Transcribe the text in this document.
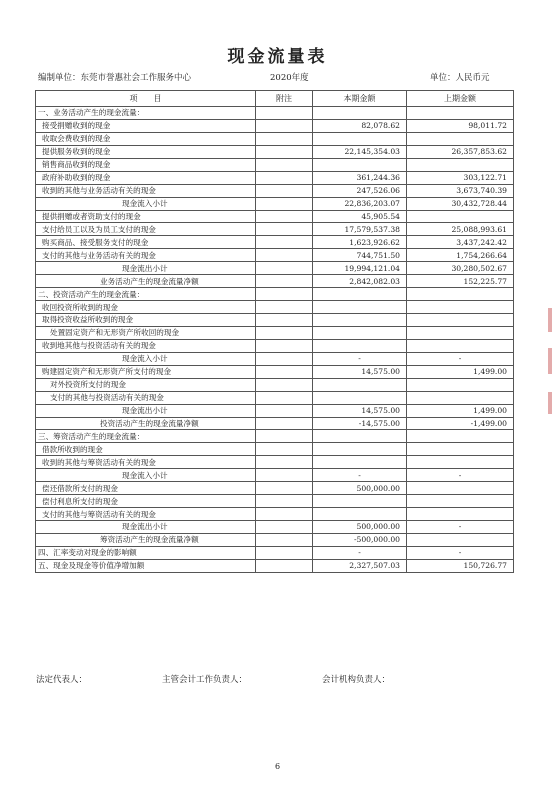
现金流量表
编制单位：东莞市誉惠社会工作服务中心	2020年度	单位：人民币元
项　　目	附注	本期金额	上期金额
一、业务活动产生的现金流量：			
接受捐赠收到的现金		82,078.62	98,011.72
收取会费收到的现金			
提供服务收到的现金		22,145,354.03	26,357,853.62
销售商品收到的现金			
政府补助收到的现金		361,244.36	303,122.71
收到的其他与业务活动有关的现金		247,526.06	3,673,740.39
现金流入小计		22,836,203.07	30,432,728.44
提供捐赠或者资助支付的现金		45,905.54	
支付给员工以及为员工支付的现金		17,579,537.38	25,088,993.61
购买商品、接受服务支付的现金		1,623,926.62	3,437,242.42
支付的其他与业务活动有关的现金		744,751.50	1,754,266.64
现金流出小计		19,994,121.04	30,280,502.67
业务活动产生的现金流量净额		2,842,082.03	152,225.77
二、投资活动产生的现金流量：			
收回投资所收到的现金			
取得投资收益所收到的现金			
处置固定资产和无形资产所收回的现金			
收到地其他与投资活动有关的现金			
现金流入小计		-	-
购建固定资产和无形资产所支付的现金		14,575.00	1,499.00
对外投资所支付的现金			
支付的其他与投资活动有关的现金			
现金流出小计		14,575.00	1,499.00
投资活动产生的现金流量净额		-14,575.00	-1,499.00
三、筹资活动产生的现金流量：			
借款所收到的现金			
收到的其他与筹资活动有关的现金			
现金流入小计		-	-
偿还借款所支付的现金		500,000.00	
偿付利息所支付的现金			
支付的其他与筹资活动有关的现金			
现金流出小计		500,000.00	-
筹资活动产生的现金流量净额		-500,000.00	
四、汇率变动对现金的影响额		-	-
五、现金及现金等价值净增加额		2,327,507.03	150,726.77
法定代表人：	主管会计工作负责人：	会计机构负责人：
6
